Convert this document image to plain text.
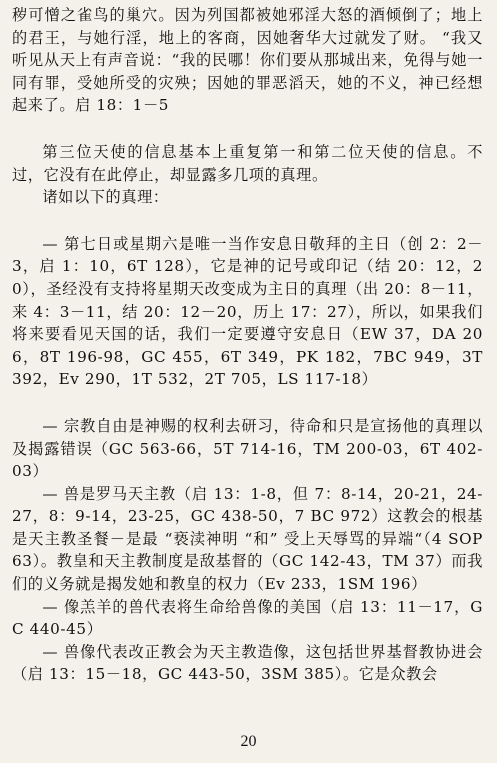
秽可憎之雀鸟的巢穴。因为列国都被她邪淫大怒的酒倾倒了；地上的君王，与她行淫，地上的客商，因她奢华大过就发了财。 “我又听见从天上有声音说：“我的民哪！你们要从那城出来，免得与她一同有罪，受她所受的灾殃；因她的罪恶滔天，她的不义，神已经想起来了。启 18：1－5

第三位天使的信息基本上重复第一和第二位天使的信息。不过，它没有在此停止，却显露多几项的真理。

诸如以下的真理：

— 第七日或星期六是唯一当作安息日敬拜的主日（创 2：2－3，启 1：10，6T 128），它是神的记号或印记（结 20：12，20），圣经没有支持将星期天改变成为主日的真理（出 20：8－11，来 4：3－11，结 20：12－20，历上 17：27），所以，如果我们将来要看见天国的话，我们一定要遵守安息日（EW 37，DA 206，8T 196-98，GC 455，6T 349，PK 182，7BC 949，3T 392，Ev 290，1T 532，2T 705，LS 117-18）

— 宗教自由是神赐的权利去研习，待命和只是宣扬他的真理以及揭露错误（GC 563-66，5T 714-16，TM 200-03，6T 402-03）

— 兽是罗马天主教（启 13：1-8，但 7：8-14，20-21，24-27，8：9-14，23-25，GC 438-50，7 BC 972）这教会的根基是天主教圣餐－是最 “亵渎神明 “和” 受上天辱骂的异端“（4 SOP 63）。教皇和天主教制度是敌基督的（GC 142-43，TM 37）而我们的义务就是揭发她和教皇的权力（Ev 233，1SM 196）

— 像羔羊的兽代表将生命给兽像的美国（启 13：11－17，GC 440-45）

— 兽像代表改正教会为天主教造像，这包括世界基督教协进会（启 13：15－18，GC 443-50，3SM 385）。它是众教会

20
